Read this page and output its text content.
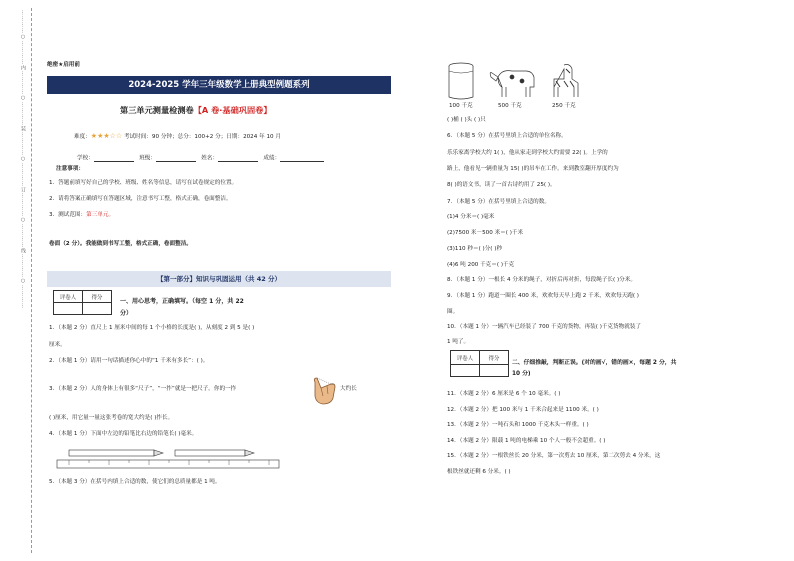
…………○…………内…………○…………装…………○…………订…………○…………线…………○…………	绝密★启用前
2024-2025 学年三年级数学上册典型例题系列
第三单元测量检测卷【A 卷·基础巩固卷】
难度：★★★☆☆ 考试时间：90 分钟；总分：100+2 分；日期：2024 年 10 月
学校：	班级：	姓名：	成绩：
注意事项：
1．答题前填写好自己的学校、班级、姓名等信息，请写在试卷规定的位置。
2．请将答案正确填写在答题区域，注意书写工整，格式正确，卷面整洁。
3．测试范围：第三单元。
卷面（2 分）。我能做到书写工整，格式正确，卷面整洁。
【第一部分】知识与巩固运用（共 42 分）
评卷人	得分

一、用心思考，正确填写。（每空 1 分，共 22
分）
1．（本题 2 分）直尺上 1 厘米中间的每 1 个小格的长度是( )，从刻度 2 到 5 是( )
厘米。
2．（本题 1 分）请用一句话描述你心中的“1 千米有多长”：( )。
3．（本题 2 分）人的身体上有很多“尺子”，“一拃”就是一把尺子。你的一拃	大约长
( )厘米，用它量一量这张考卷的宽大约是( )拃长。
4．（本题 1 分）下面中左边的铅笔比右边的铅笔长( )毫米。
5．（本题 3 分）在括号内填上合适的数，使它们的总质量都是 1 吨。
100 千克	500 千克	250 千克
( )桶 ( )头 ( )只
6．（本题 5 分）在括号里填上合适的单位名称。
乐乐家离学校大约 1( )，他从家走到学校大约需要 22( )。上学的
路上，他看见一辆重量为 15( )的吊车在工作。来到教室翻开厚度约为
8( )的语文书，读了一首古诗约用了 25( )。
7．（本题 5 分）在括号里填上合适的数。
(1)4 分米＝( )毫米
(2)7500 米－500 米＝( )千米
(3)110 秒＝( )分( )秒
(4)6 吨 200 千克＝( )千克
8．（本题 1 分）一根长 4 分米的绳子，对折后再对折，每段绳子长( )分米。
9．（本题 1 分）跑道一圈长 400 米，欢欢每天早上跑 2 千米，欢欢每天跑( )
圈。
10．（本题 1 分）一辆汽车已经装了 700 千克的货物，再装( )千克货物就装了
1 吨了。
评卷人	得分

二、仔细推敲，判断正误。(对的画√，错的画×，每题 2 分，共
10 分)
11．（本题 2 分）6 厘米是 6 个 10 毫米。( )
12．（本题 2 分）把 100 米与 1 千米合起来是 1100 米。( )
13．（本题 2 分）一吨石头和 1000 千克木头一样重。( )
14．（本题 2 分）限载 1 吨的电梯乘 10 个人一般不会超重。( )
15．（本题 2 分）一根铁丝长 20 分米，第一次剪去 10 厘米，第二次剪去 4 分米，这
根铁丝就还剩 6 分米。( )
